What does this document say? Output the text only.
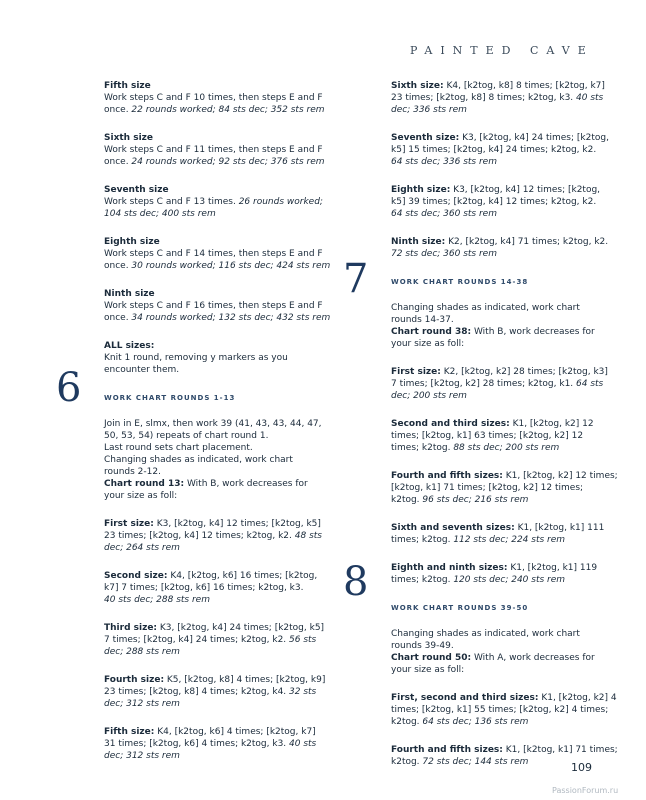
PAINTED CAVE
6
7
8
Fifth size
Work steps C and F 10 times, then steps E and F
once. 22 rounds worked; 84 sts dec; 352 sts rem
Sixth size
Work steps C and F 11 times, then steps E and F
once. 24 rounds worked; 92 sts dec; 376 sts rem
Seventh size
Work steps C and F 13 times. 26 rounds worked;
104 sts dec; 400 sts rem
Eighth size
Work steps C and F 14 times, then steps E and F
once. 30 rounds worked; 116 sts dec; 424 sts rem
Ninth size
Work steps C and F 16 times, then steps E and F
once. 34 rounds worked; 132 sts dec; 432 sts rem
ALL sizes:
Knit 1 round, removing y markers as you
encounter them.
WORK CHART ROUNDS 1-13
Join in E, slmx, then work 39 (41, 43, 43, 44, 47,
50, 53, 54) repeats of chart round 1.
Last round sets chart placement.
Changing shades as indicated, work chart
rounds 2-12.
Chart round 13: With B, work decreases for
your size as foll:
First size: K3, [k2tog, k4] 12 times; [k2tog, k5]
23 times; [k2tog, k4] 12 times; k2tog, k2. 48 sts
dec; 264 sts rem
Second size: K4, [k2tog, k6] 16 times; [k2tog,
k7] 7 times; [k2tog, k6] 16 times; k2tog, k3.
40 sts dec; 288 sts rem
Third size: K3, [k2tog, k4] 24 times; [k2tog, k5]
7 times; [k2tog, k4] 24 times; k2tog, k2. 56 sts
dec; 288 sts rem
Fourth size: K5, [k2tog, k8] 4 times; [k2tog, k9]
23 times; [k2tog, k8] 4 times; k2tog, k4. 32 sts
dec; 312 sts rem
Fifth size: K4, [k2tog, k6] 4 times; [k2tog, k7]
31 times; [k2tog, k6] 4 times; k2tog, k3. 40 sts
dec; 312 sts rem
Sixth size: K4, [k2tog, k8] 8 times; [k2tog, k7]
23 times; [k2tog, k8] 8 times; k2tog, k3. 40 sts
dec; 336 sts rem
Seventh size: K3, [k2tog, k4] 24 times; [k2tog,
k5] 15 times; [k2tog, k4] 24 times; k2tog, k2.
64 sts dec; 336 sts rem
Eighth size: K3, [k2tog, k4] 12 times; [k2tog,
k5] 39 times; [k2tog, k4] 12 times; k2tog, k2.
64 sts dec; 360 sts rem
Ninth size: K2, [k2tog, k4] 71 times; k2tog, k2.
72 sts dec; 360 sts rem
WORK CHART ROUNDS 14-38
Changing shades as indicated, work chart
rounds 14-37.
Chart round 38: With B, work decreases for
your size as foll:
First size: K2, [k2tog, k2] 28 times; [k2tog, k3]
7 times; [k2tog, k2] 28 times; k2tog, k1. 64 sts
dec; 200 sts rem
Second and third sizes: K1, [k2tog, k2] 12
times; [k2tog, k1] 63 times; [k2tog, k2] 12
times; k2tog. 88 sts dec; 200 sts rem
Fourth and fifth sizes: K1, [k2tog, k2] 12 times;
[k2tog, k1] 71 times; [k2tog, k2] 12 times;
k2tog. 96 sts dec; 216 sts rem
Sixth and seventh sizes: K1, [k2tog, k1] 111
times; k2tog. 112 sts dec; 224 sts rem
Eighth and ninth sizes: K1, [k2tog, k1] 119
times; k2tog. 120 sts dec; 240 sts rem
WORK CHART ROUNDS 39-50
Changing shades as indicated, work chart
rounds 39-49.
Chart round 50: With A, work decreases for
your size as foll:
First, second and third sizes: K1, [k2tog, k2] 4
times; [k2tog, k1] 55 times; [k2tog, k2] 4 times;
k2tog. 64 sts dec; 136 sts rem
Fourth and fifth sizes: K1, [k2tog, k1] 71 times;
k2tog. 72 sts dec; 144 sts rem	109
PassionForum.ru
